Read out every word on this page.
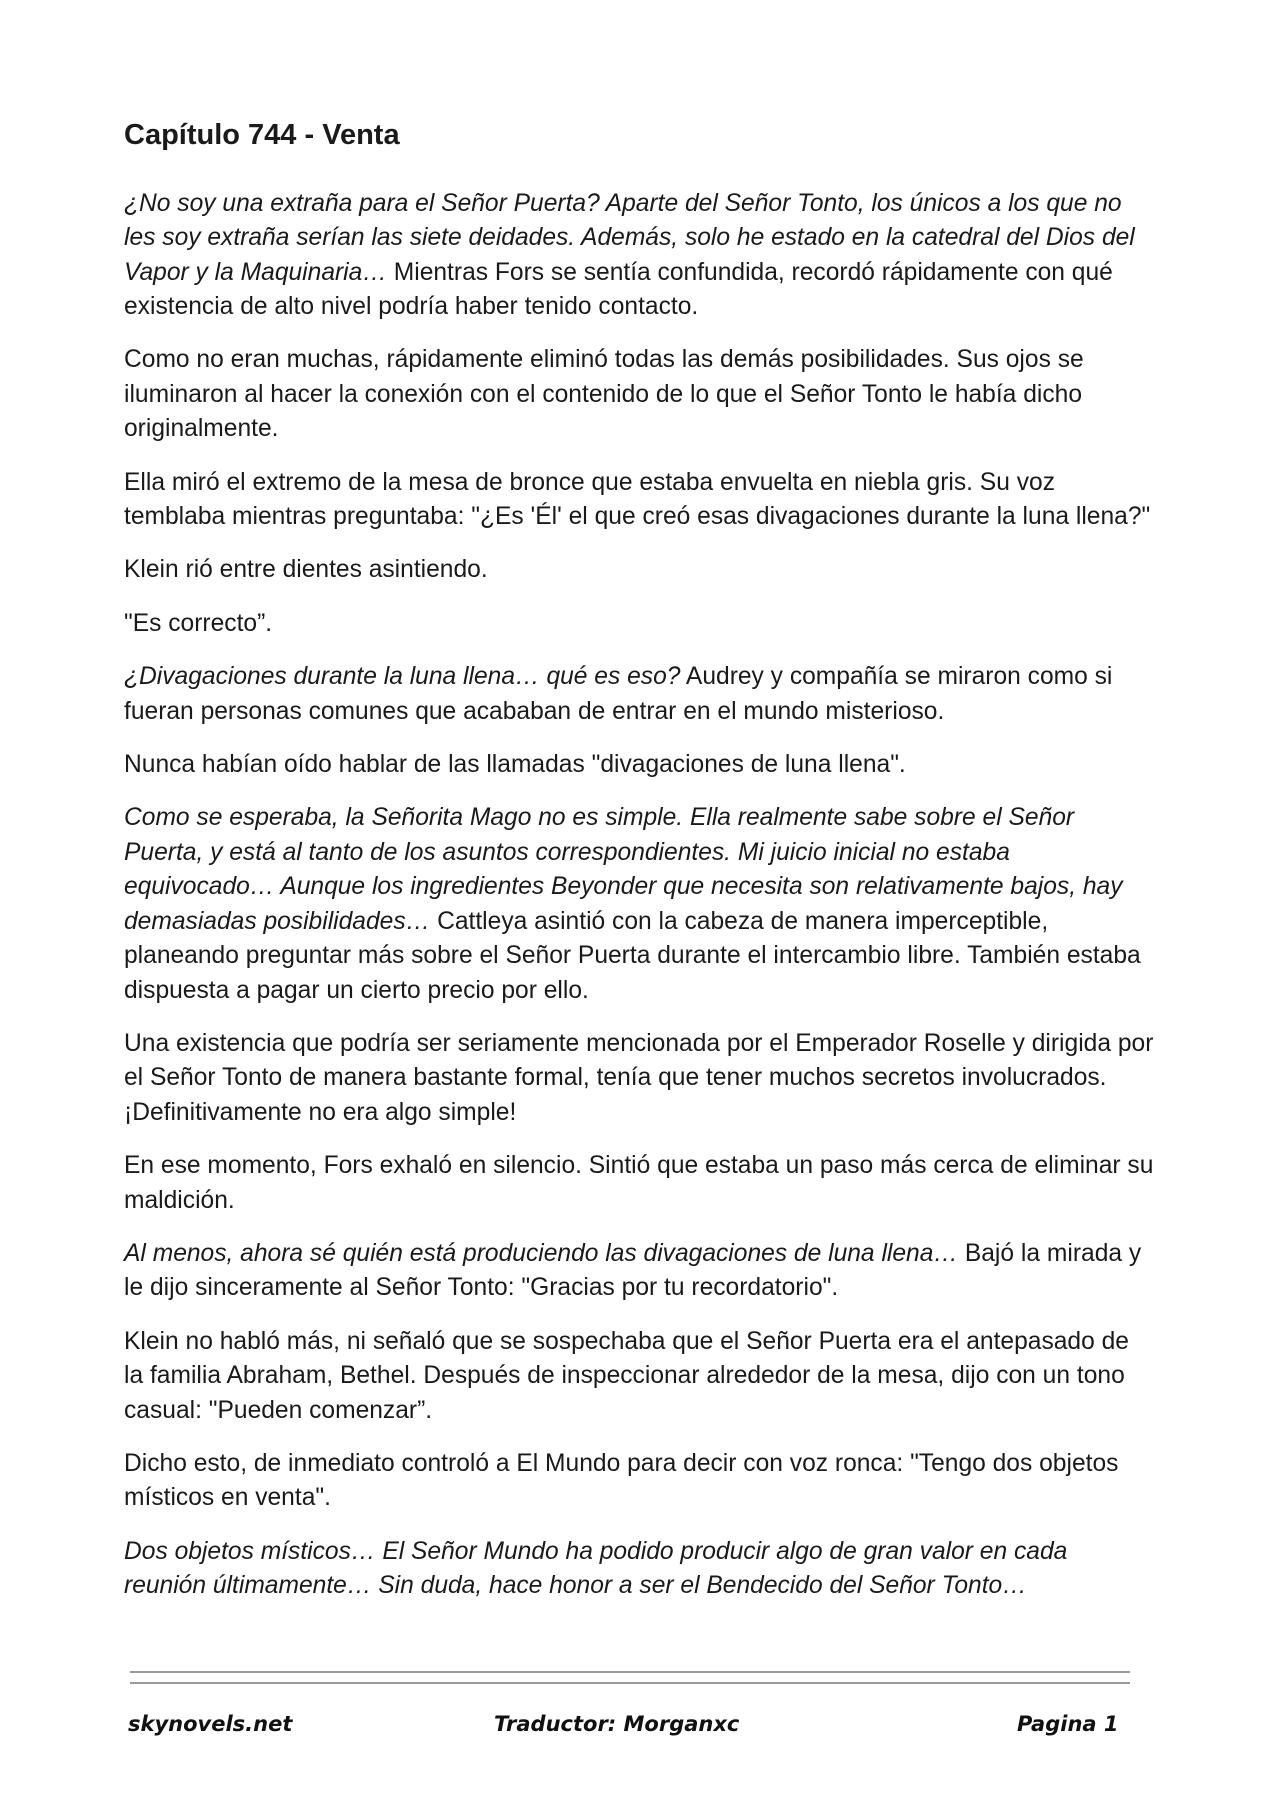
Capítulo 744 - Venta

¿No soy una extraña para el Señor Puerta? Aparte del Señor Tonto, los únicos a los que no les soy extraña serían las siete deidades. Además, solo he estado en la catedral del Dios del Vapor y la Maquinaria… Mientras Fors se sentía confundida, recordó rápidamente con qué existencia de alto nivel podría haber tenido contacto.

Como no eran muchas, rápidamente eliminó todas las demás posibilidades. Sus ojos se iluminaron al hacer la conexión con el contenido de lo que el Señor Tonto le había dicho originalmente.

Ella miró el extremo de la mesa de bronce que estaba envuelta en niebla gris. Su voz temblaba mientras preguntaba: "¿Es 'Él' el que creó esas divagaciones durante la luna llena?"

Klein rió entre dientes asintiendo.

"Es correcto”.

¿Divagaciones durante la luna llena… qué es eso? Audrey y compañía se miraron como si fueran personas comunes que acababan de entrar en el mundo misterioso.

Nunca habían oído hablar de las llamadas "divagaciones de luna llena".

Como se esperaba, la Señorita Mago no es simple. Ella realmente sabe sobre el Señor Puerta, y está al tanto de los asuntos correspondientes. Mi juicio inicial no estaba equivocado… Aunque los ingredientes Beyonder que necesita son relativamente bajos, hay demasiadas posibilidades… Cattleya asintió con la cabeza de manera imperceptible, planeando preguntar más sobre el Señor Puerta durante el intercambio libre. También estaba dispuesta a pagar un cierto precio por ello.

Una existencia que podría ser seriamente mencionada por el Emperador Roselle y dirigida por el Señor Tonto de manera bastante formal, tenía que tener muchos secretos involucrados. ¡Definitivamente no era algo simple!

En ese momento, Fors exhaló en silencio. Sintió que estaba un paso más cerca de eliminar su maldición.

Al menos, ahora sé quién está produciendo las divagaciones de luna llena… Bajó la mirada y le dijo sinceramente al Señor Tonto: "Gracias por tu recordatorio".

Klein no habló más, ni señaló que se sospechaba que el Señor Puerta era el antepasado de la familia Abraham, Bethel. Después de inspeccionar alrededor de la mesa, dijo con un tono casual: "Pueden comenzar”.

Dicho esto, de inmediato controló a El Mundo para decir con voz ronca: "Tengo dos objetos místicos en venta".

Dos objetos místicos… El Señor Mundo ha podido producir algo de gran valor en cada reunión últimamente… Sin duda, hace honor a ser el Bendecido del Señor Tonto…

skynovels.net	Traductor: Morganxc	Pagina 1
